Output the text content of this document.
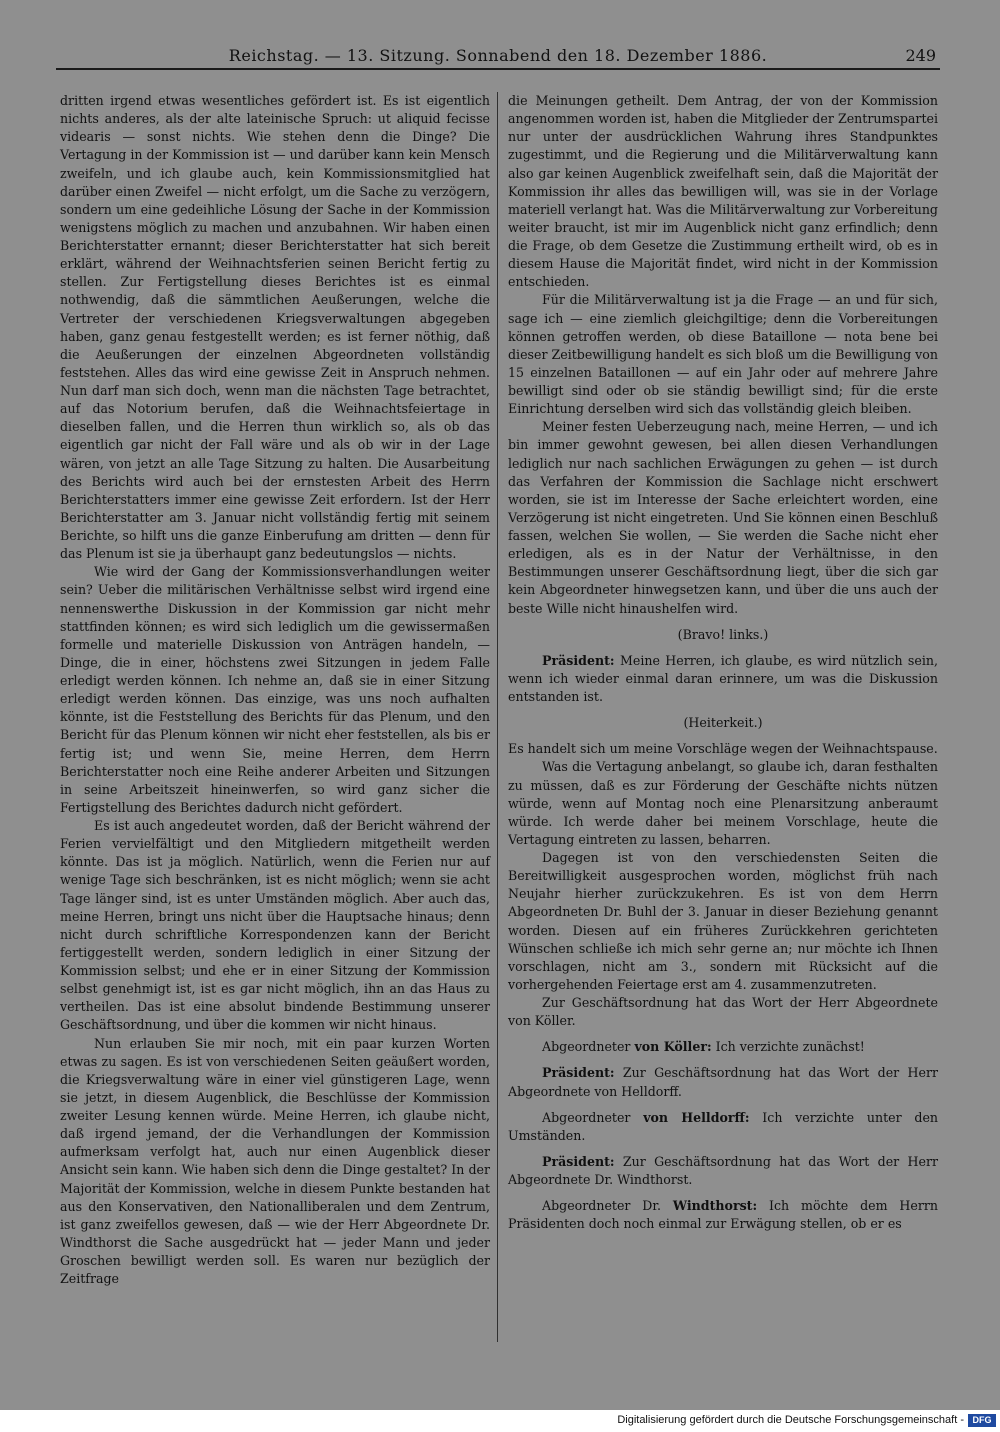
Reichstag. — 13. Sitzung. Sonnabend den 18. Dezember 1886.	249

dritten irgend etwas wesentliches gefördert ist. Es ist eigentlich nichts anderes, als der alte lateinische Spruch: ut aliquid fecisse videaris — sonst nichts. Wie stehen denn die Dinge? Die Vertagung in der Kommission ist — und darüber kann kein Mensch zweifeln, und ich glaube auch, kein Kommissionsmitglied hat darüber einen Zweifel — nicht erfolgt, um die Sache zu verzögern, sondern um eine gedeihliche Lösung der Sache in der Kommission wenigstens möglich zu machen und anzubahnen. Wir haben einen Berichterstatter ernannt; dieser Berichterstatter hat sich bereit erklärt, während der Weihnachtsferien seinen Bericht fertig zu stellen. Zur Fertigstellung dieses Berichtes ist es einmal nothwendig, daß die sämmtlichen Aeußerungen, welche die Vertreter der verschiedenen Kriegsverwaltungen abgegeben haben, ganz genau festgestellt werden; es ist ferner nöthig, daß die Aeußerungen der einzelnen Abgeordneten vollständig feststehen. Alles das wird eine gewisse Zeit in Anspruch nehmen. Nun darf man sich doch, wenn man die nächsten Tage betrachtet, auf das Notorium berufen, daß die Weihnachtsfeiertage in dieselben fallen, und die Herren thun wirklich so, als ob das eigentlich gar nicht der Fall wäre und als ob wir in der Lage wären, von jetzt an alle Tage Sitzung zu halten. Die Ausarbeitung des Berichts wird auch bei der ernstesten Arbeit des Herrn Berichterstatters immer eine gewisse Zeit erfordern. Ist der Herr Berichterstatter am 3. Januar nicht vollständig fertig mit seinem Berichte, so hilft uns die ganze Einberufung am dritten — denn für das Plenum ist sie ja überhaupt ganz bedeutungslos — nichts.

Wie wird der Gang der Kommissionsverhandlungen weiter sein? Ueber die militärischen Verhältnisse selbst wird irgend eine nennenswerthe Diskussion in der Kommission gar nicht mehr stattfinden können; es wird sich lediglich um die gewissermaßen formelle und materielle Diskussion von Anträgen handeln, — Dinge, die in einer, höchstens zwei Sitzungen in jedem Falle erledigt werden können. Ich nehme an, daß sie in einer Sitzung erledigt werden können. Das einzige, was uns noch aufhalten könnte, ist die Feststellung des Berichts für das Plenum, und den Bericht für das Plenum können wir nicht eher feststellen, als bis er fertig ist; und wenn Sie, meine Herren, dem Herrn Berichterstatter noch eine Reihe anderer Arbeiten und Sitzungen in seine Arbeitszeit hineinwerfen, so wird ganz sicher die Fertigstellung des Berichtes dadurch nicht gefördert.

Es ist auch angedeutet worden, daß der Bericht während der Ferien vervielfältigt und den Mitgliedern mitgetheilt werden könnte. Das ist ja möglich. Natürlich, wenn die Ferien nur auf wenige Tage sich beschränken, ist es nicht möglich; wenn sie acht Tage länger sind, ist es unter Umständen möglich. Aber auch das, meine Herren, bringt uns nicht über die Hauptsache hinaus; denn nicht durch schriftliche Korrespondenzen kann der Bericht fertiggestellt werden, sondern lediglich in einer Sitzung der Kommission selbst; und ehe er in einer Sitzung der Kommission selbst genehmigt ist, ist es gar nicht möglich, ihn an das Haus zu vertheilen. Das ist eine absolut bindende Bestimmung unserer Geschäftsordnung, und über die kommen wir nicht hinaus.

Nun erlauben Sie mir noch, mit ein paar kurzen Worten etwas zu sagen. Es ist von verschiedenen Seiten geäußert worden, die Kriegsverwaltung wäre in einer viel günstigeren Lage, wenn sie jetzt, in diesem Augenblick, die Beschlüsse der Kommission zweiter Lesung kennen würde. Meine Herren, ich glaube nicht, daß irgend jemand, der die Verhandlungen der Kommission aufmerksam verfolgt hat, auch nur einen Augenblick dieser Ansicht sein kann. Wie haben sich denn die Dinge gestaltet? In der Majorität der Kommission, welche in diesem Punkte bestanden hat aus den Konservativen, den Nationalliberalen und dem Zentrum, ist ganz zweifellos gewesen, daß — wie der Herr Abgeordnete Dr. Windthorst die Sache ausgedrückt hat — jeder Mann und jeder Groschen bewilligt werden soll. Es waren nur bezüglich der Zeitfrage

die Meinungen getheilt. Dem Antrag, der von der Kommission angenommen worden ist, haben die Mitglieder der Zentrumspartei nur unter der ausdrücklichen Wahrung ihres Standpunktes zugestimmt, und die Regierung und die Militärverwaltung kann also gar keinen Augenblick zweifelhaft sein, daß die Majorität der Kommission ihr alles das bewilligen will, was sie in der Vorlage materiell verlangt hat. Was die Militärverwaltung zur Vorbereitung weiter braucht, ist mir im Augenblick nicht ganz erfindlich; denn die Frage, ob dem Gesetze die Zustimmung ertheilt wird, ob es in diesem Hause die Majorität findet, wird nicht in der Kommission entschieden.

Für die Militärverwaltung ist ja die Frage — an und für sich, sage ich — eine ziemlich gleichgiltige; denn die Vorbereitungen können getroffen werden, ob diese Bataillone — nota bene bei dieser Zeitbewilligung handelt es sich bloß um die Bewilligung von 15 einzelnen Bataillonen — auf ein Jahr oder auf mehrere Jahre bewilligt sind oder ob sie ständig bewilligt sind; für die erste Einrichtung derselben wird sich das vollständig gleich bleiben.

Meiner festen Ueberzeugung nach, meine Herren, — und ich bin immer gewohnt gewesen, bei allen diesen Verhandlungen lediglich nur nach sachlichen Erwägungen zu gehen — ist durch das Verfahren der Kommission die Sachlage nicht erschwert worden, sie ist im Interesse der Sache erleichtert worden, eine Verzögerung ist nicht eingetreten. Und Sie können einen Beschluß fassen, welchen Sie wollen, — Sie werden die Sache nicht eher erledigen, als es in der Natur der Verhältnisse, in den Bestimmungen unserer Geschäftsordnung liegt, über die sich gar kein Abgeordneter hinwegsetzen kann, und über die uns auch der beste Wille nicht hinaushelfen wird.

(Bravo! links.)

Präsident: Meine Herren, ich glaube, es wird nützlich sein, wenn ich wieder einmal daran erinnere, um was die Diskussion entstanden ist.

(Heiterkeit.)

Es handelt sich um meine Vorschläge wegen der Weihnachtspause.

Was die Vertagung anbelangt, so glaube ich, daran festhalten zu müssen, daß es zur Förderung der Geschäfte nichts nützen würde, wenn auf Montag noch eine Plenarsitzung anberaumt würde. Ich werde daher bei meinem Vorschlage, heute die Vertagung eintreten zu lassen, beharren.

Dagegen ist von den verschiedensten Seiten die Bereitwilligkeit ausgesprochen worden, möglichst früh nach Neujahr hierher zurückzukehren. Es ist von dem Herrn Abgeordneten Dr. Buhl der 3. Januar in dieser Beziehung genannt worden. Diesen auf ein früheres Zurückkehren gerichteten Wünschen schließe ich mich sehr gerne an; nur möchte ich Ihnen vorschlagen, nicht am 3., sondern mit Rücksicht auf die vorhergehenden Feiertage erst am 4. zusammenzutreten.

Zur Geschäftsordnung hat das Wort der Herr Abgeordnete von Köller.

Abgeordneter von Köller: Ich verzichte zunächst!

Präsident: Zur Geschäftsordnung hat das Wort der Herr Abgeordnete von Helldorff.

Abgeordneter von Helldorff: Ich verzichte unter den Umständen.

Präsident: Zur Geschäftsordnung hat das Wort der Herr Abgeordnete Dr. Windthorst.

Abgeordneter Dr. Windthorst: Ich möchte dem Herrn Präsidenten doch noch einmal zur Erwägung stellen, ob er es

Digitalisierung gefördert durch die Deutsche Forschungsgemeinschaft - DFG
